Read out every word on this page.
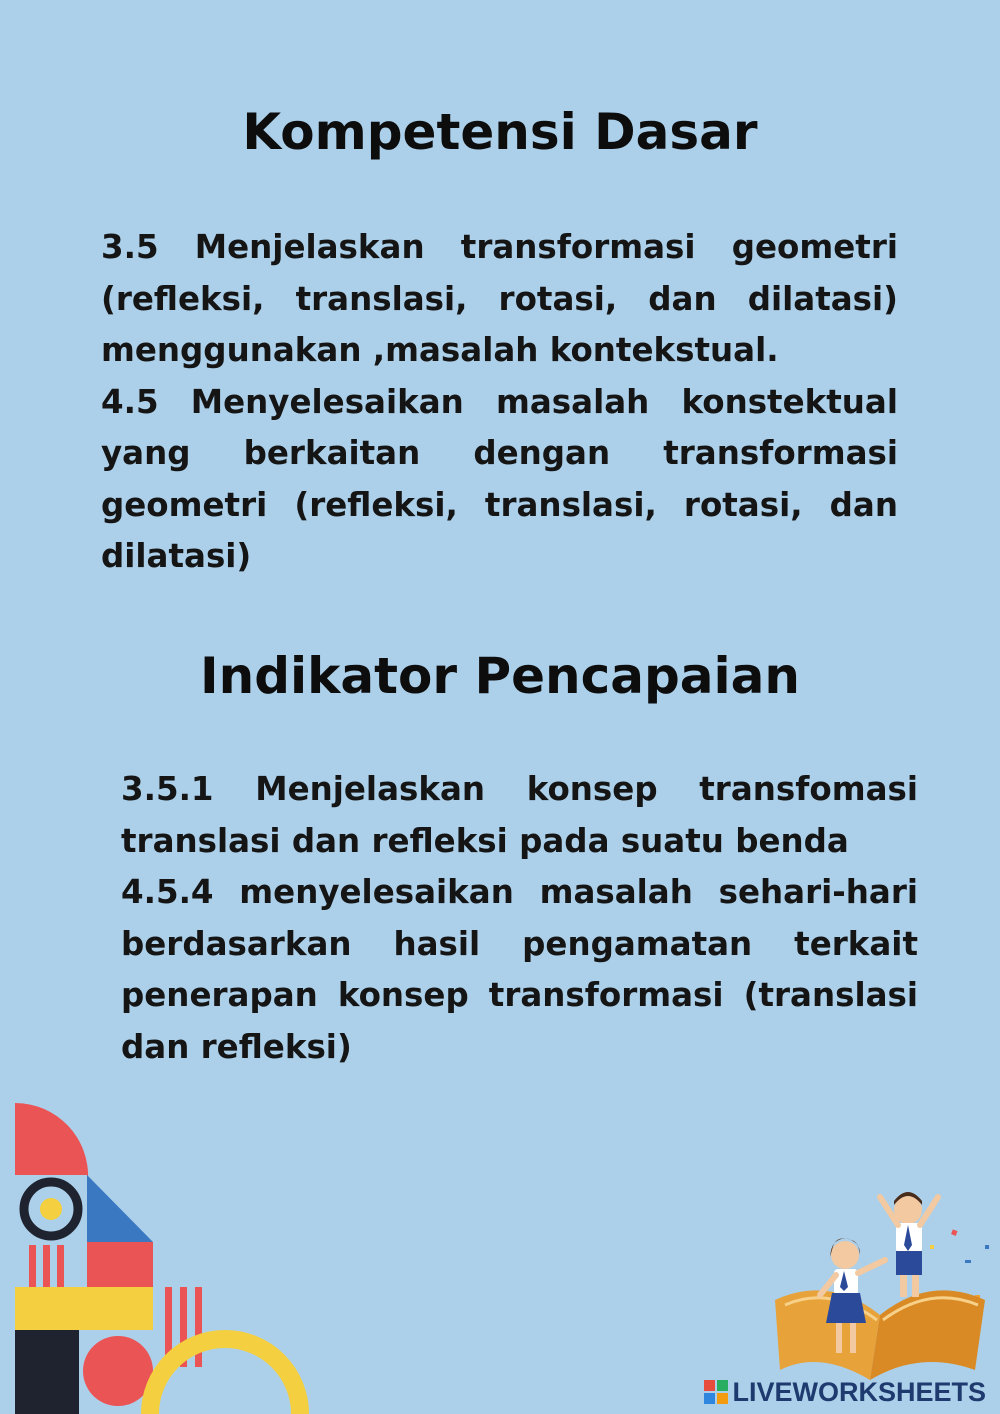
Kompetensi Dasar

3.5 Menjelaskan transformasi geometri (refleksi, translasi, rotasi, dan dilatasi) menggunakan ,masalah kontekstual.

4.5 Menyelesaikan masalah konstektual yang berkaitan dengan transformasi geometri (refleksi, translasi, rotasi, dan dilatasi)

Indikator Pencapaian

3.5.1 Menjelaskan konsep transfomasi translasi dan refleksi pada suatu benda

4.5.4 menyelesaikan masalah sehari-hari berdasarkan hasil pengamatan terkait penerapan konsep transformasi (translasi dan refleksi)

LIVEWORKSHEETS
